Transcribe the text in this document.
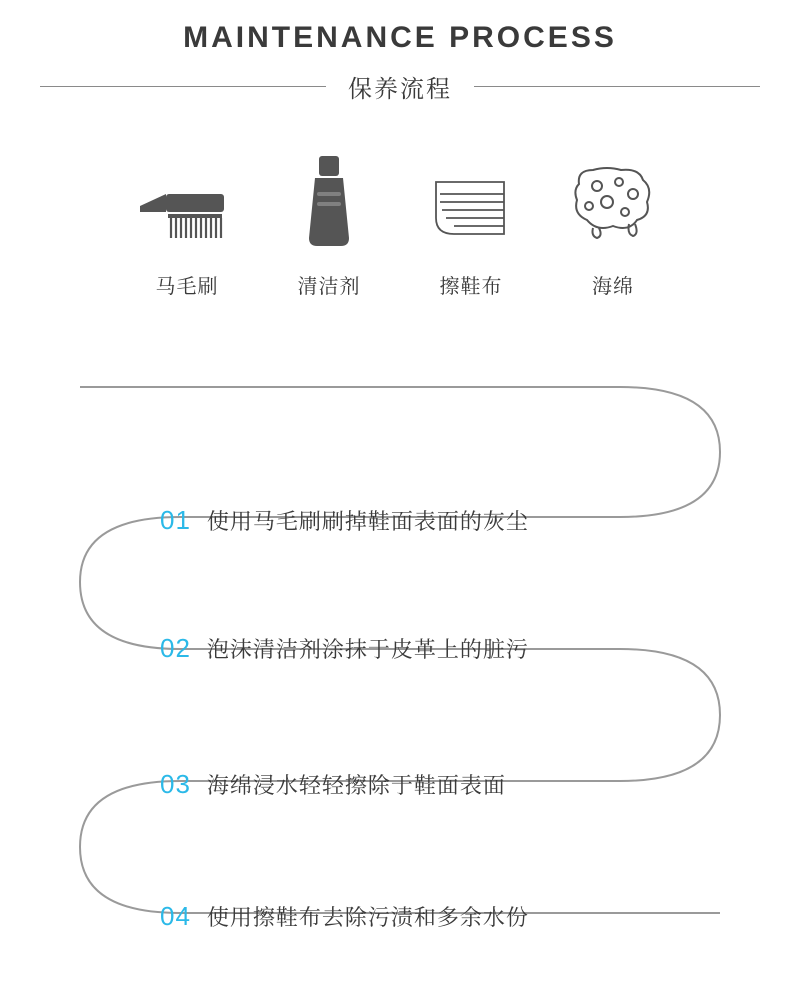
MAINTENANCE PROCESS
保养流程
马毛刷	清洁剂	擦鞋布	海绵
01 使用马毛刷刷掉鞋面表面的灰尘
02 泡沫清洁剂涂抹于皮革上的脏污
03 海绵浸水轻轻擦除于鞋面表面
04 使用擦鞋布去除污渍和多余水份
